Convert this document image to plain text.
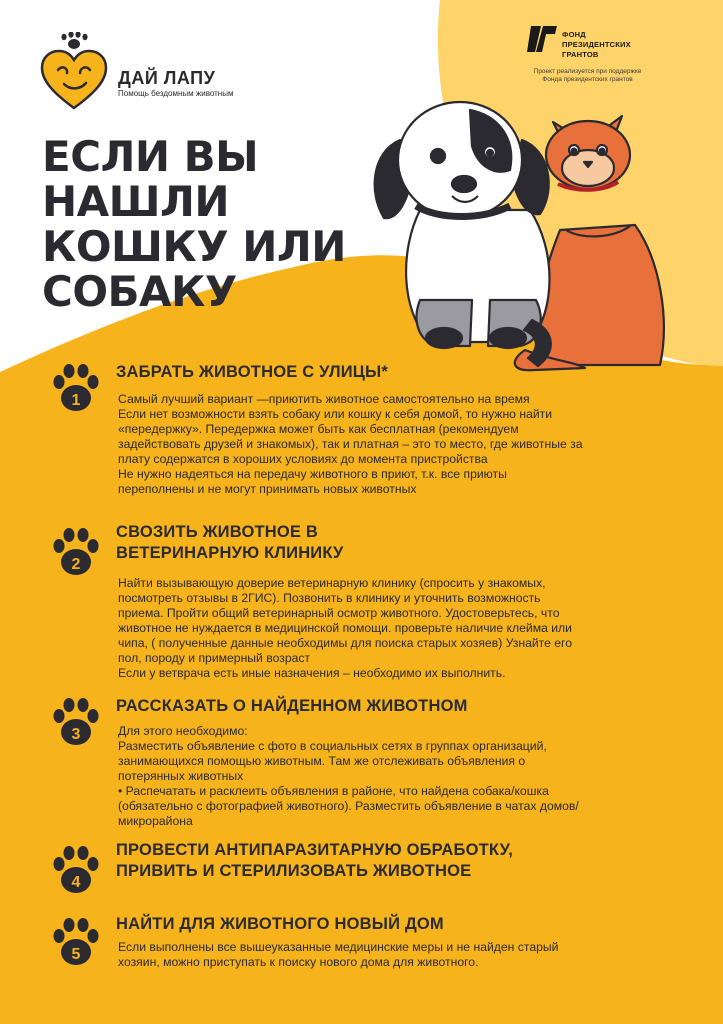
ДАЙ ЛАПУ
Помощь бездомным животным
ФОНД
ПРЕЗИДЕНТСКИХ
ГРАНТОВ
Проект реализуется при поддержке
Фонда президентских грантов
ЕСЛИ ВЫ
НАШЛИ
КОШКУ ИЛИ
СОБАКУ
1
ЗАБРАТЬ ЖИВОТНОЕ С УЛИЦЫ*
Самый лучший вариант —приютить животное самостоятельно на время
Если нет возможности взять собаку или кошку к себя домой, то нужно найти
«передержку». Передержка может быть как бесплатная (рекомендуем
задействовать друзей и знакомых), так и платная – это то место, где животные за
плату содержатся в хороших условиях до момента пристройства
Не нужно надеяться на передачу животного в приют, т.к. все приюты
переполнены и не могут принимать новых животных
2
СВОЗИТЬ ЖИВОТНОЕ В
ВЕТЕРИНАРНУЮ КЛИНИКУ
Найти вызывающую доверие ветеринарную клинику (спросить у знакомых,
посмотреть отзывы в 2ГИС). Позвонить в клинику и уточнить возможность
приема. Пройти общий ветеринарный осмотр животного. Удостоверьтесь, что
животное не нуждается в медицинской помощи. проверьте наличие клейма или
чипа, ( полученные данные необходимы для поиска старых хозяев) Узнайте его
пол, породу и примерный возраст
Если у ветврача есть иные назначения – необходимо их выполнить.
3
РАССКАЗАТЬ О НАЙДЕННОМ ЖИВОТНОМ
Для этого необходимо:
Разместить объявление с фото в социальных сетях в группах организаций,
занимающихся помощью животным. Там же отслеживать объявления о
потерянных животных
• Распечатать и расклеить объявления в районе, что найдена собака/кошка
(обязательно с фотографией животного). Разместить объявление в чатах домов/
микрорайона
4
ПРОВЕСТИ АНТИПАРАЗИТАРНУЮ ОБРАБОТКУ,
ПРИВИТЬ И СТЕРИЛИЗОВАТЬ ЖИВОТНОЕ
5
НАЙТИ ДЛЯ ЖИВОТНОГО НОВЫЙ ДОМ
Если выполнены все вышеуказанные медицинские меры и не найден старый
хозяин, можно приступать к поиску нового дома для животного.
